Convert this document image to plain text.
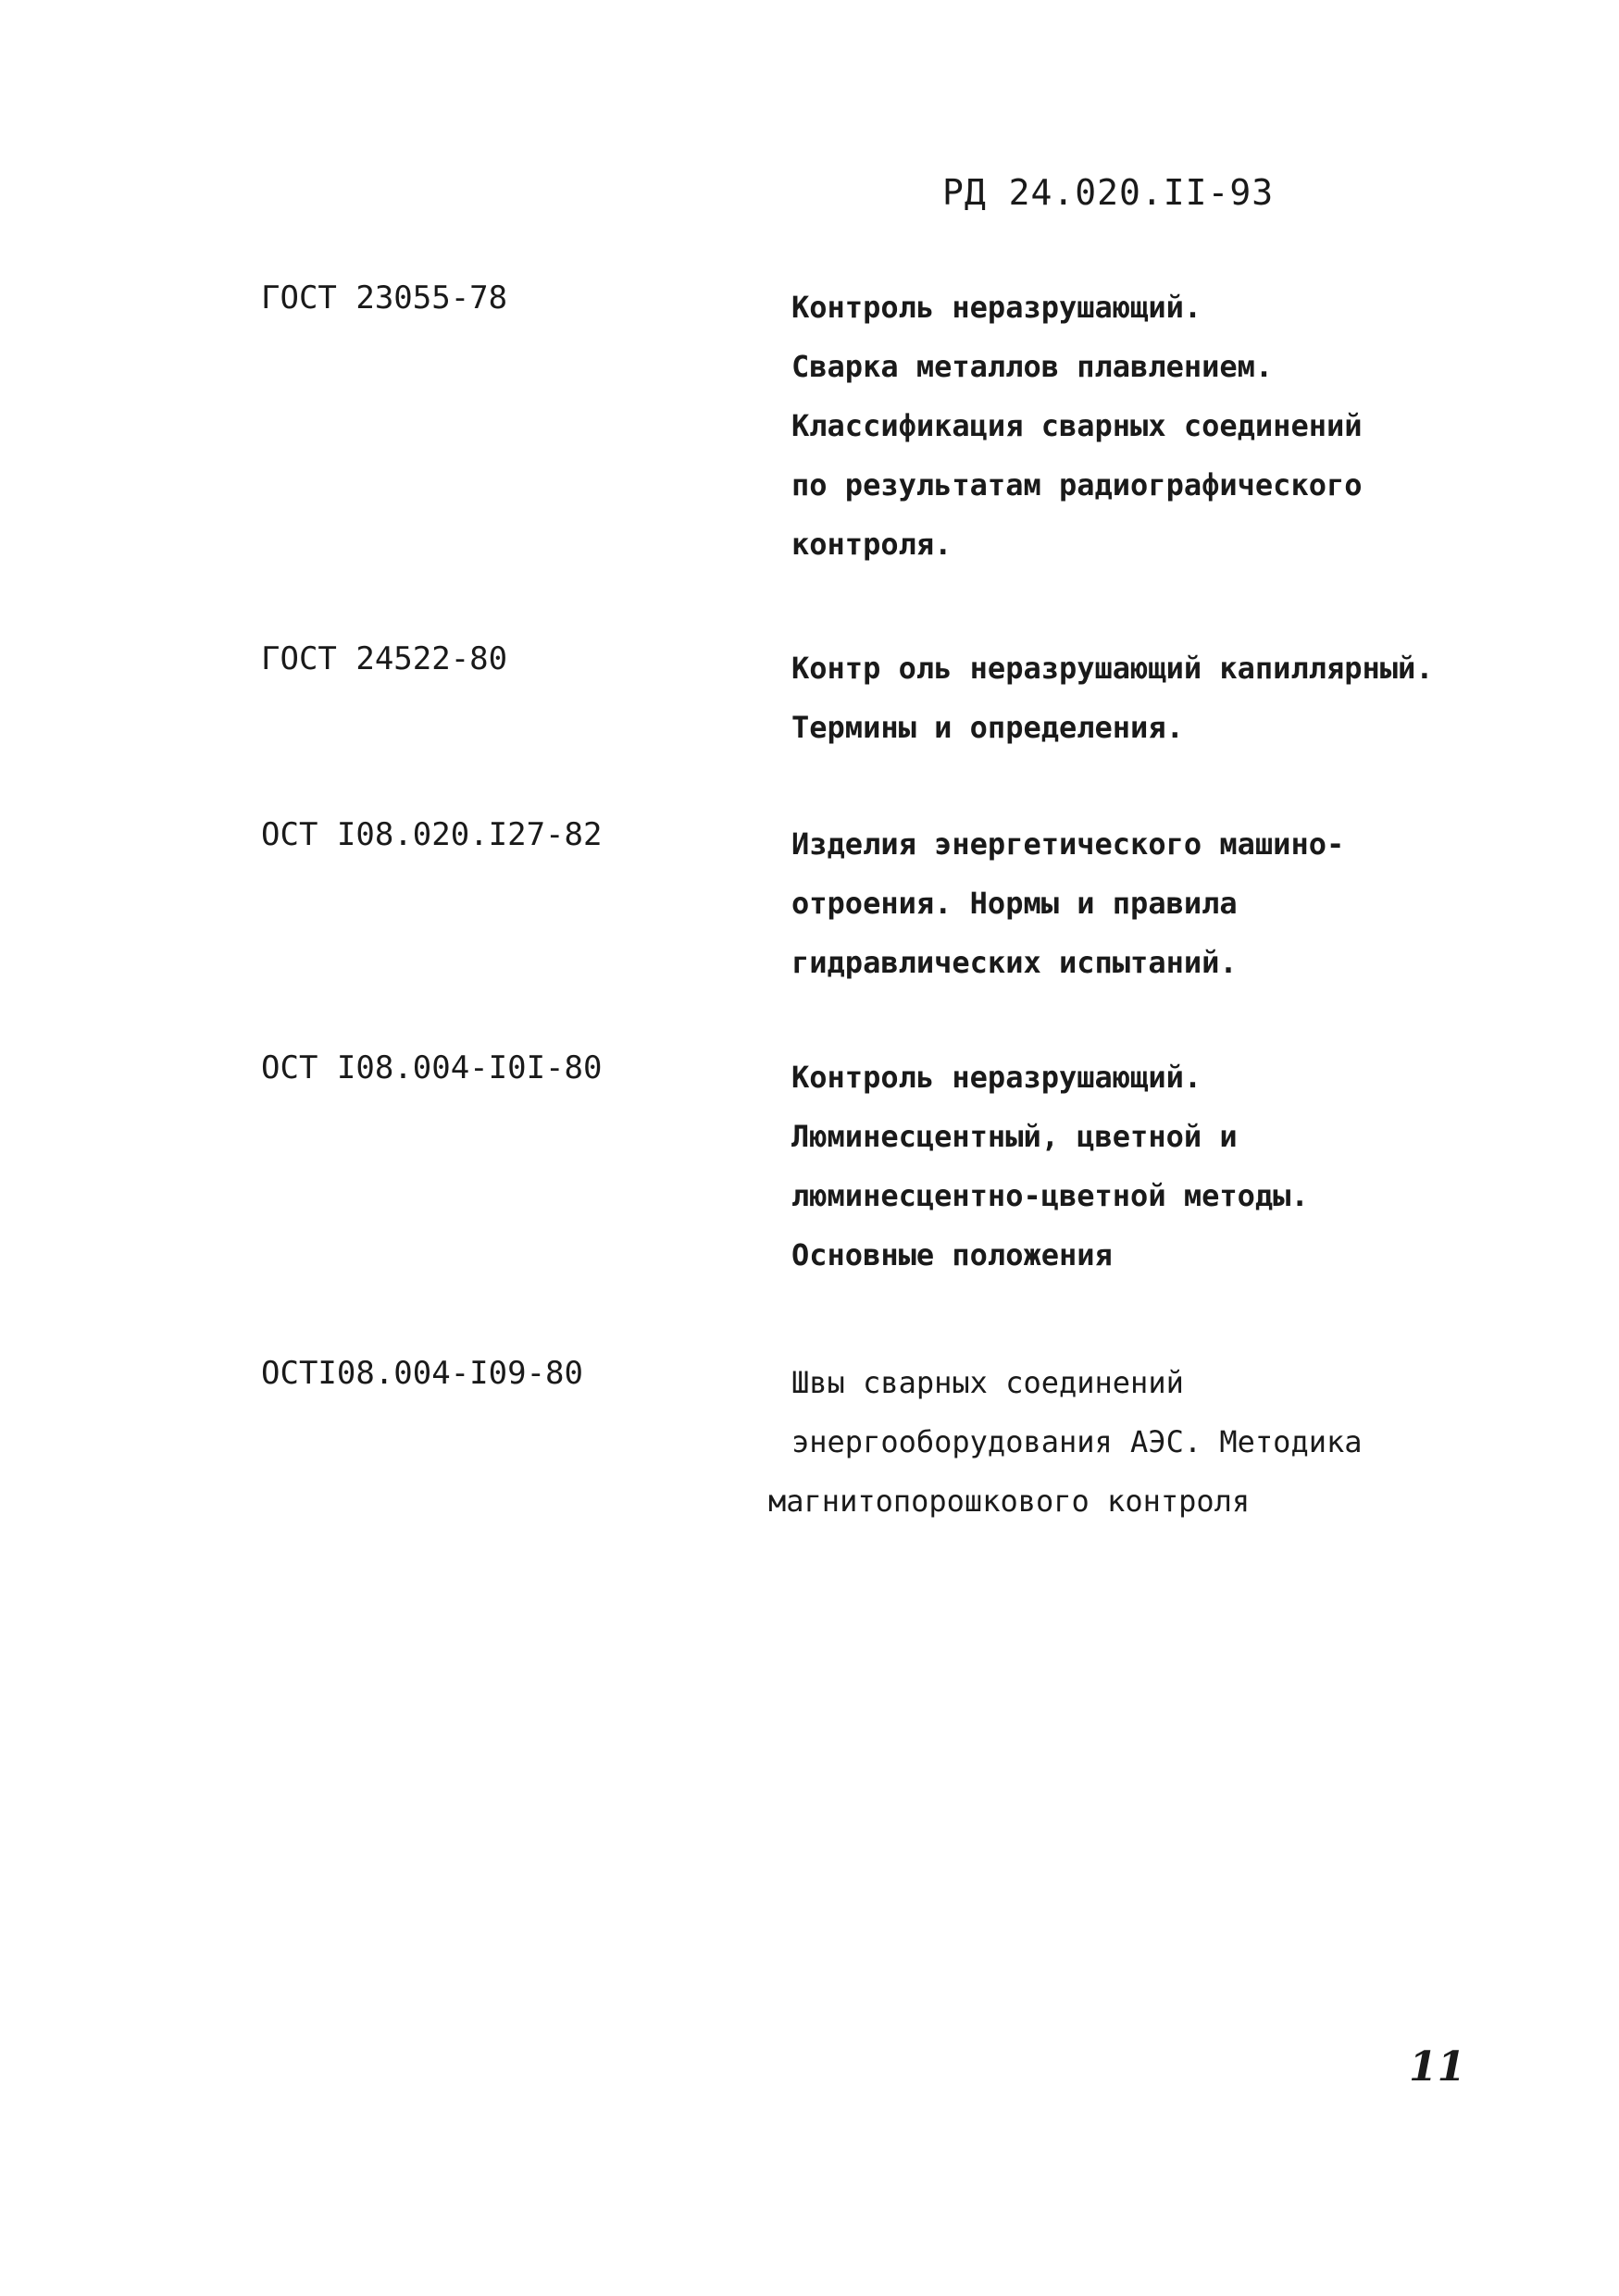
РД 24.020.II-93
ГОСТ 23055-78	Контроль неразрушающий.
Сварка металлов плавлением.
Классификация сварных соединений
по результатам радиографического
контроля.
ГОСТ 24522-80	Контр оль неразрушающий капиллярный.
Термины и определения.
ОСТ I08.020.I27-82	Изделия энергетического машино-
отроения. Нормы и правила
гидравлических испытаний.
ОСТ I08.004-I0I-80	Контроль неразрушающий.
Люминесцентный, цветной и
люминесцентно-цветной методы.
Основные положения
ОСТI08.004-I09-80	Швы сварных соединений
энергооборудования АЭС. Методика
магнитопорошкового контроля
11
